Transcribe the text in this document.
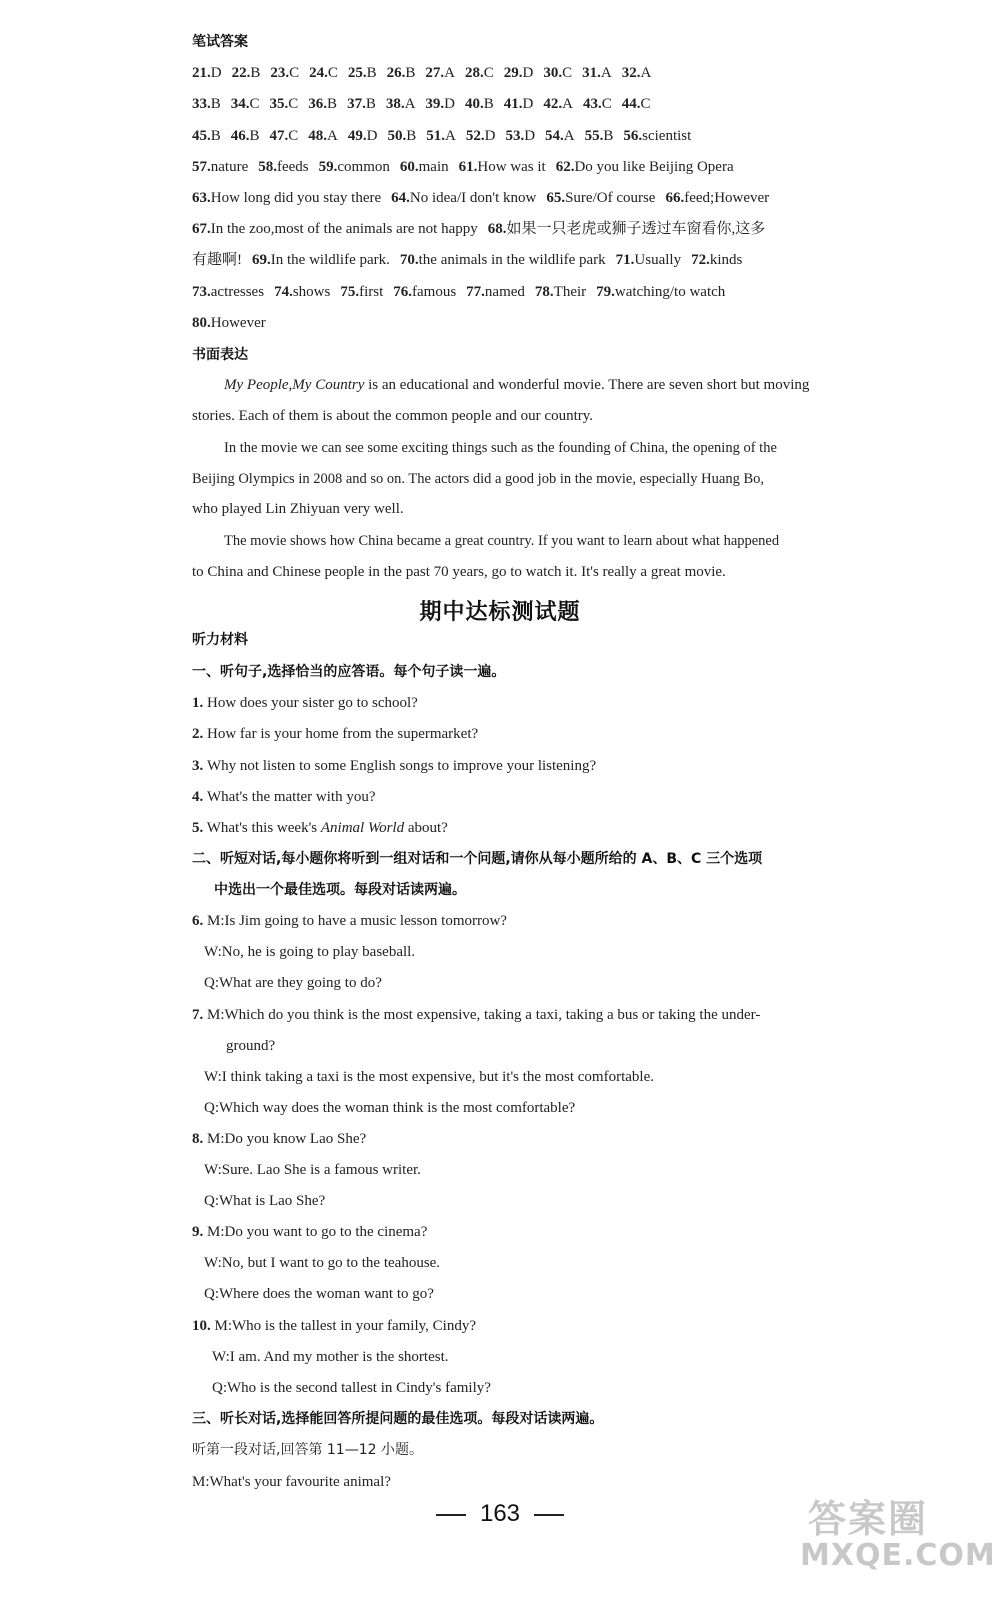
笔试答案
21.D 22.B 23.C 24.C 25.B 26.B 27.A 28.C 29.D 30.C 31.A 32.A
33.B 34.C 35.C 36.B 37.B 38.A 39.D 40.B 41.D 42.A 43.C 44.C
45.B 46.B 47.C 48.A 49.D 50.B 51.A 52.D 53.D 54.A 55.B 56.scientist
57.nature 58.feeds 59.common 60.main 61.How was it 62.Do you like Beijing Opera
63.How long did you stay there 64.No idea/I don't know 65.Sure/Of course 66.feed;However
67.In the zoo,most of the animals are not happy 68.如果一只老虎或狮子透过车窗看你,这多
有趣啊! 69.In the wildlife park. 70.the animals in the wildlife park 71.Usually 72.kinds
73.actresses 74.shows 75.first 76.famous 77.named 78.Their 79.watching/to watch
80.However
书面表达
My People,My Country is an educational and wonderful movie. There are seven short but moving
stories. Each of them is about the common people and our country.
In the movie we can see some exciting things such as the founding of China, the opening of the
Beijing Olympics in 2008 and so on. The actors did a good job in the movie, especially Huang Bo,
who played Lin Zhiyuan very well.
The movie shows how China became a great country. If you want to learn about what happened
to China and Chinese people in the past 70 years, go to watch it. It's really a great movie.
期中达标测试题
听力材料
一、听句子,选择恰当的应答语。每个句子读一遍。
1. How does your sister go to school?
2. How far is your home from the supermarket?
3. Why not listen to some English songs to improve your listening?
4. What's the matter with you?
5. What's this week's Animal World about?
二、听短对话,每小题你将听到一组对话和一个问题,请你从每小题所给的 A、B、C 三个选项
中选出一个最佳选项。每段对话读两遍。
6. M:Is Jim going to have a music lesson tomorrow?
W:No, he is going to play baseball.
Q:What are they going to do?
7. M:Which do you think is the most expensive, taking a taxi, taking a bus or taking the under-
ground?
W:I think taking a taxi is the most expensive, but it's the most comfortable.
Q:Which way does the woman think is the most comfortable?
8. M:Do you know Lao She?
W:Sure. Lao She is a famous writer.
Q:What is Lao She?
9. M:Do you want to go to the cinema?
W:No, but I want to go to the teahouse.
Q:Where does the woman want to go?
10. M:Who is the tallest in your family, Cindy?
W:I am. And my mother is the shortest.
Q:Who is the second tallest in Cindy's family?
三、听长对话,选择能回答所提问题的最佳选项。每段对话读两遍。
听第一段对话,回答第 11—12 小题。
M:What's your favourite animal?
163	答案圈
MXQE.COM
